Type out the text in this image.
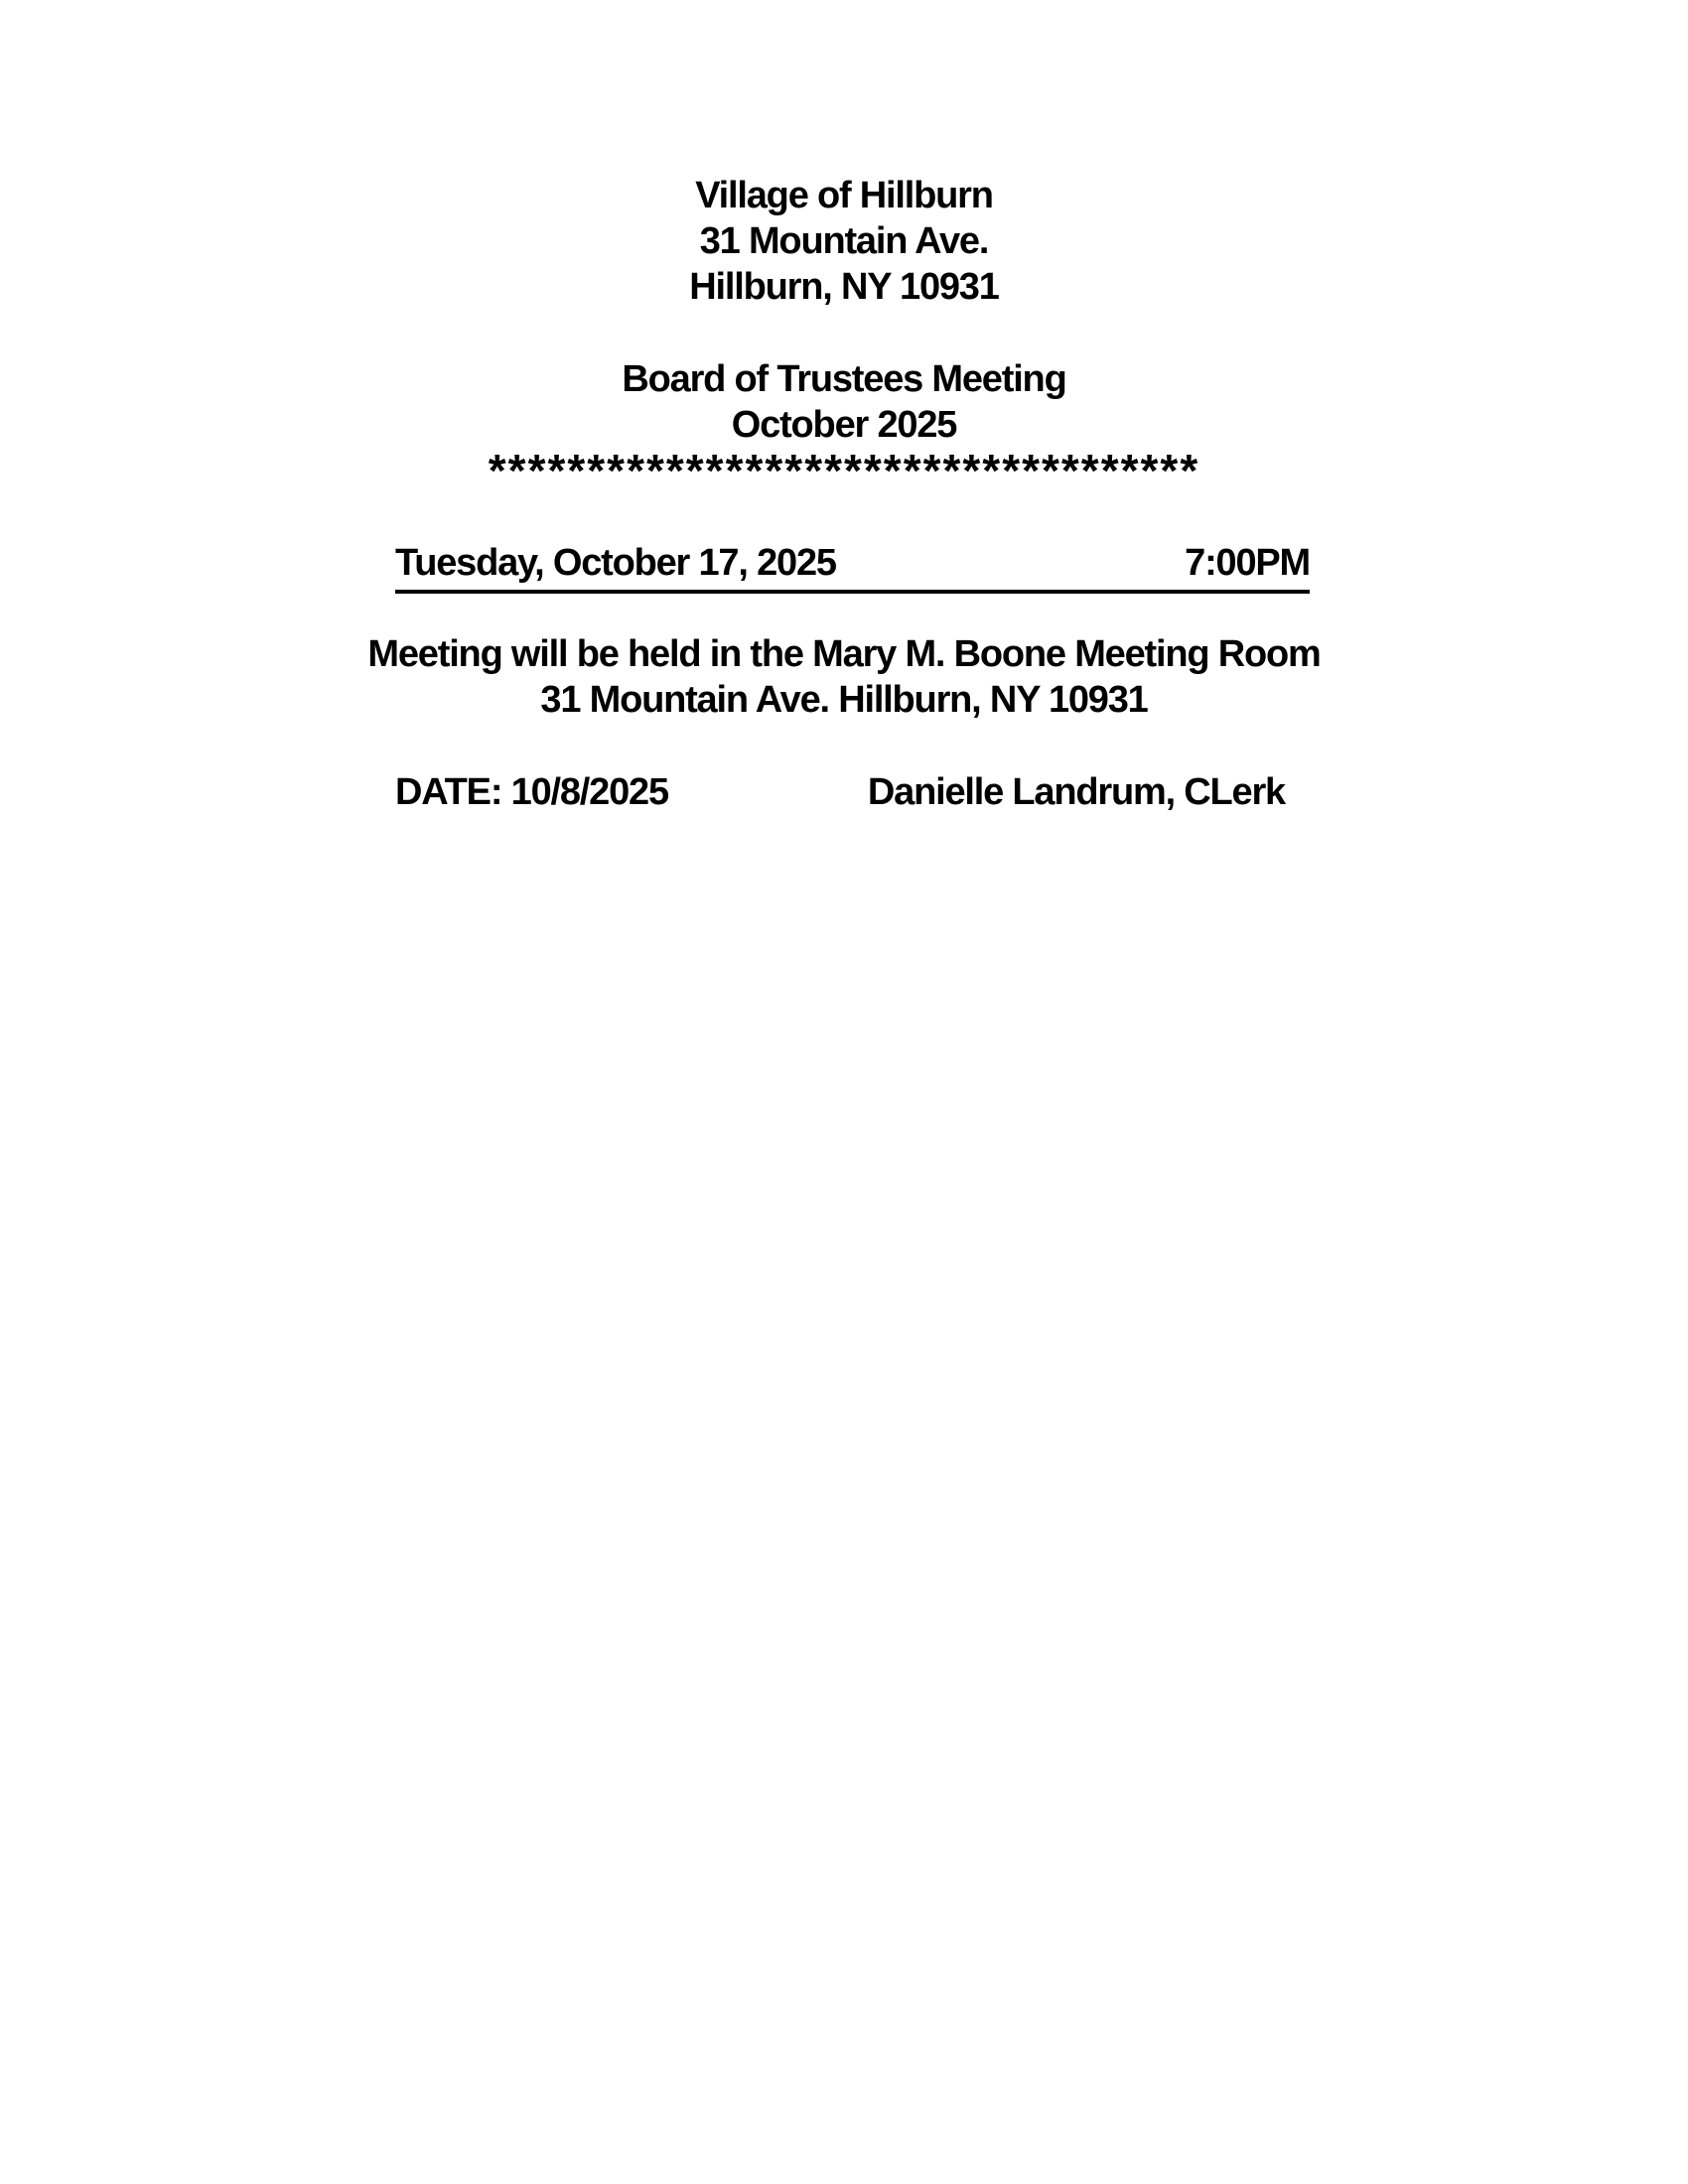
Village of Hillburn
31 Mountain Ave.
Hillburn, NY 10931
Board of Trustees Meeting
October 2025
************************************
Tuesday, October 17, 2025	7:00PM
Meeting will be held in the Mary M. Boone Meeting Room
31 Mountain Ave. Hillburn, NY 10931
DATE: 10/8/2025	Danielle Landrum, CLerk
